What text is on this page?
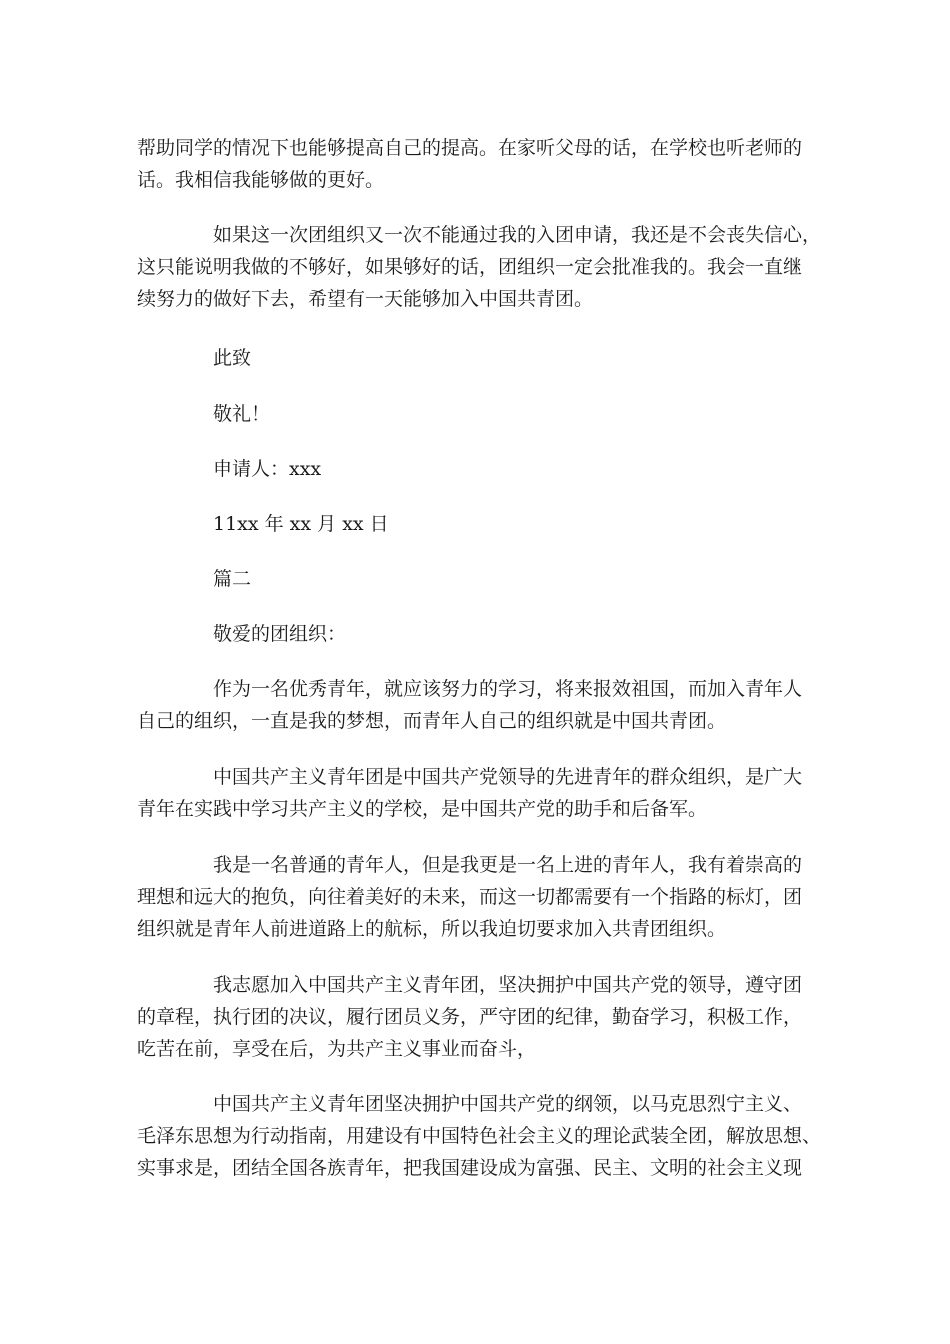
帮助同学的情况下也能够提高自己的提高。在家听父母的话，在学校也听老师的
话。我相信我能够做的更好。
如果这一次团组织又一次不能通过我的入团申请，我还是不会丧失信心，
这只能说明我做的不够好，如果够好的话，团组织一定会批准我的。我会一直继
续努力的做好下去，希望有一天能够加入中国共青团。

此致

敬礼！

申请人：xxx

11xx 年 xx 月 xx 日

篇二

敬爱的团组织：

作为一名优秀青年，就应该努力的学习，将来报效祖国，而加入青年人
自己的组织，一直是我的梦想，而青年人自己的组织就是中国共青团。
中国共产主义青年团是中国共产党领导的先进青年的群众组织，是广大
青年在实践中学习共产主义的学校，是中国共产党的助手和后备军。
我是一名普通的青年人，但是我更是一名上进的青年人，我有着崇高的
理想和远大的抱负，向往着美好的未来，而这一切都需要有一个指路的标灯，团
组织就是青年人前进道路上的航标，所以我迫切要求加入共青团组织。
我志愿加入中国共产主义青年团，坚决拥护中国共产党的领导，遵守团
的章程，执行团的决议，履行团员义务，严守团的纪律，勤奋学习，积极工作，
吃苦在前，享受在后，为共产主义事业而奋斗，
中国共产主义青年团坚决拥护中国共产党的纲领，以马克思烈宁主义、
毛泽东思想为行动指南，用建设有中国特色社会主义的理论武装全团，解放思想、
实事求是，团结全国各族青年，把我国建设成为富强、民主、文明的社会主义现
